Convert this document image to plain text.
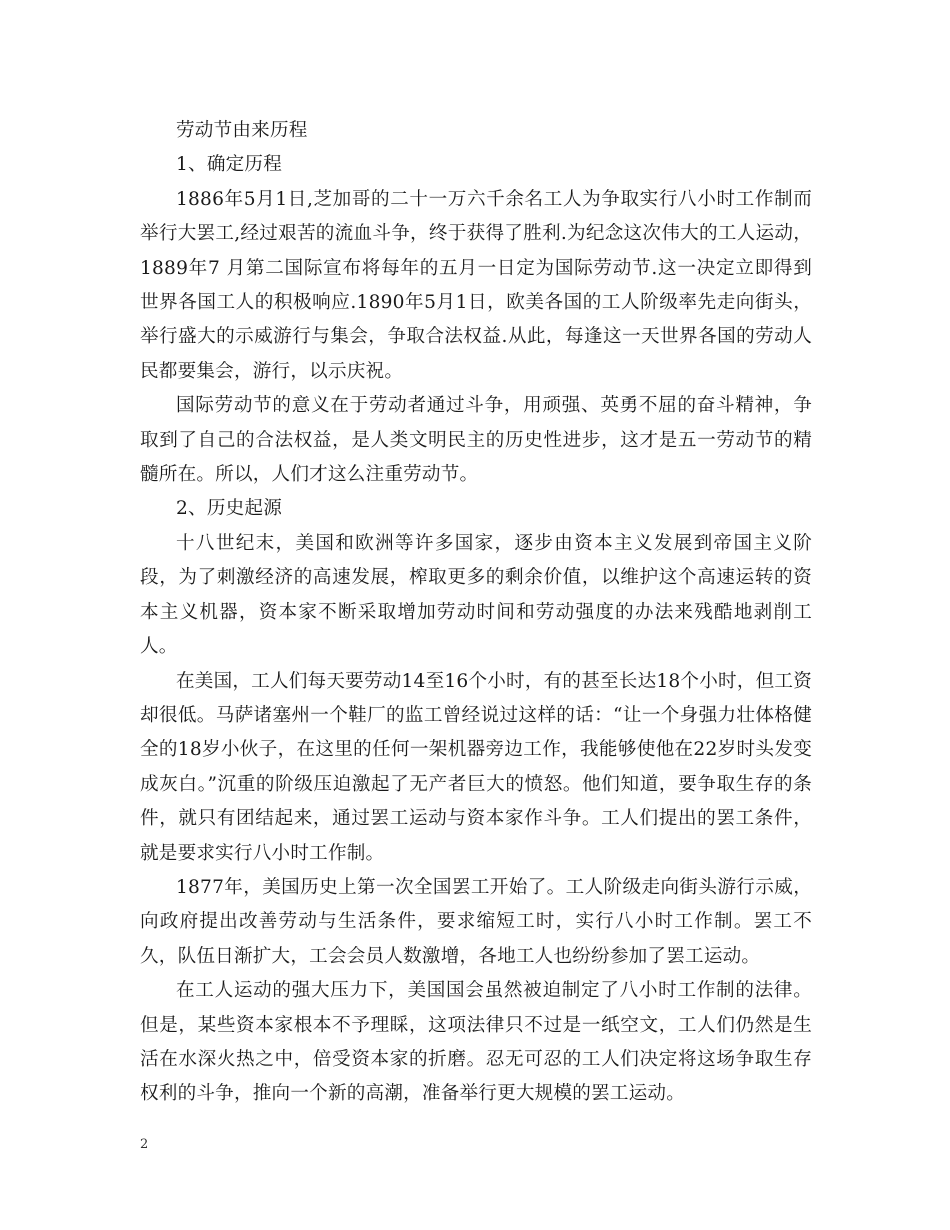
劳动节由来历程

1、确定历程

1886年5月1日,芝加哥的二十一万六千余名工人为争取实行八小时工作制而举行大罢工,经过艰苦的流血斗争，终于获得了胜利.为纪念这次伟大的工人运动，1889年7 月第二国际宣布将每年的五月一日定为国际劳动节.这一决定立即得到世界各国工人的积极响应.1890年5月1日，欧美各国的工人阶级率先走向街头，举行盛大的示威游行与集会，争取合法权益.从此，每逢这一天世界各国的劳动人民都要集会，游行，以示庆祝。

国际劳动节的意义在于劳动者通过斗争，用顽强、英勇不屈的奋斗精神，争取到了自己的合法权益，是人类文明民主的历史性进步，这才是五一劳动节的精髓所在。所以，人们才这么注重劳动节。

2、历史起源

十八世纪末，美国和欧洲等许多国家，逐步由资本主义发展到帝国主义阶段，为了刺激经济的高速发展，榨取更多的剩余价值，以维护这个高速运转的资本主义机器，资本家不断采取增加劳动时间和劳动强度的办法来残酷地剥削工人。

在美国，工人们每天要劳动14至16个小时，有的甚至长达18个小时，但工资却很低。马萨诸塞州一个鞋厂的监工曾经说过这样的话：“让一个身强力壮体格健全的18岁小伙子，在这里的任何一架机器旁边工作，我能够使他在22岁时头发变成灰白。”沉重的阶级压迫激起了无产者巨大的愤怒。他们知道，要争取生存的条件，就只有团结起来，通过罢工运动与资本家作斗争。工人们提出的罢工条件，就是要求实行八小时工作制。

1877年，美国历史上第一次全国罢工开始了。工人阶级走向街头游行示威，向政府提出改善劳动与生活条件，要求缩短工时，实行八小时工作制。罢工不久，队伍日渐扩大，工会会员人数激增，各地工人也纷纷参加了罢工运动。

在工人运动的强大压力下，美国国会虽然被迫制定了八小时工作制的法律。但是，某些资本家根本不予理睬，这项法律只不过是一纸空文，工人们仍然是生活在水深火热之中，倍受资本家的折磨。忍无可忍的工人们决定将这场争取生存权利的斗争，推向一个新的高潮，准备举行更大规模的罢工运动。

2
